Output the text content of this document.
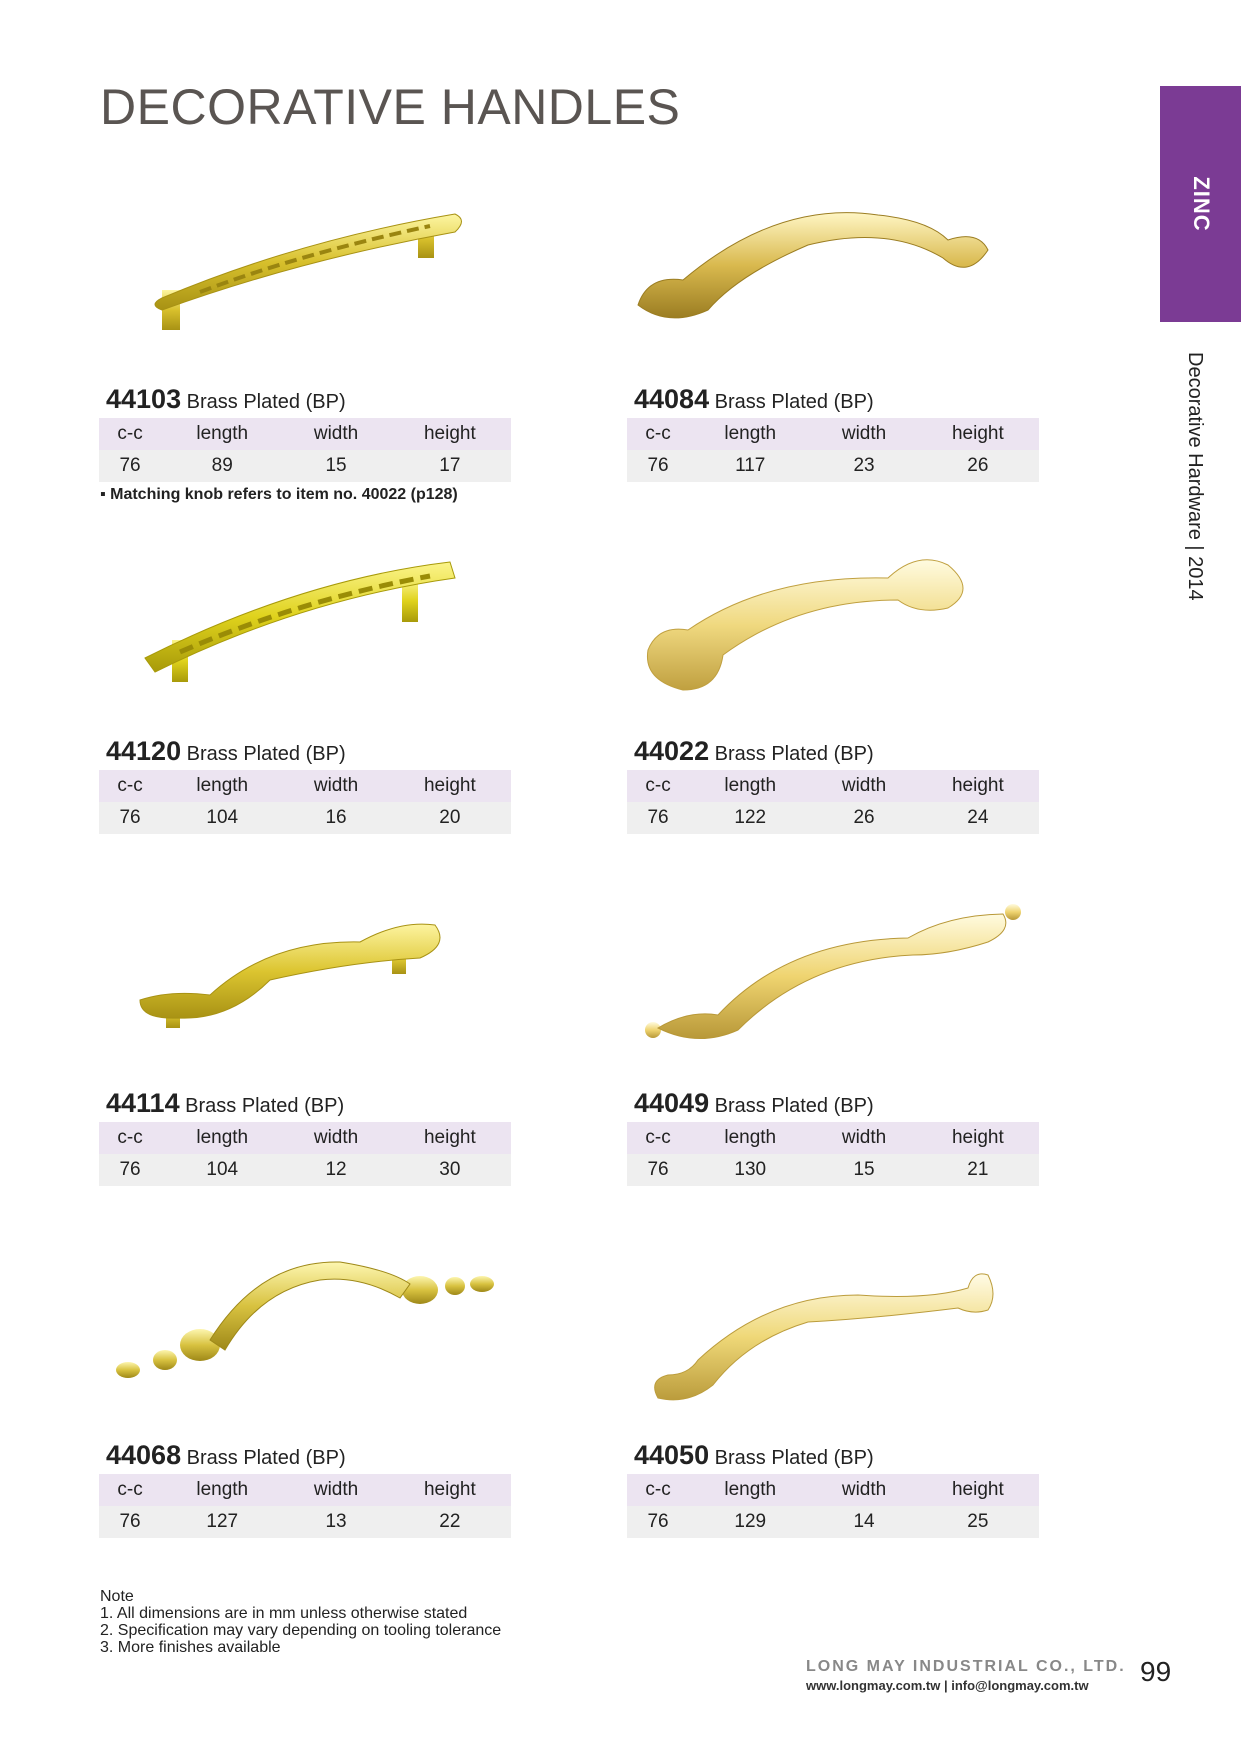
DECORATIVE HANDLES
ZINC
Decorative Hardware | 2014
44103 Brass Plated (BP)
c-c	length	width	height
76	89	15	17
▪ Matching knob refers to item no. 40022 (p128)
44084 Brass Plated (BP)
c-c	length	width	height
76	117	23	26
44120 Brass Plated (BP)
c-c	length	width	height
76	104	16	20
44022 Brass Plated (BP)
c-c	length	width	height
76	122	26	24
44114 Brass Plated (BP)
c-c	length	width	height
76	104	12	30
44049 Brass Plated (BP)
c-c	length	width	height
76	130	15	21
44068 Brass Plated (BP)
c-c	length	width	height
76	127	13	22
44050 Brass Plated (BP)
c-c	length	width	height
76	129	14	25
Note
1. All dimensions are in mm unless otherwise stated
2. Specification may vary depending on tooling tolerance
3. More finishes available
LONG MAY INDUSTRIAL CO., LTD.
www.longmay.com.tw | info@longmay.com.tw 99
